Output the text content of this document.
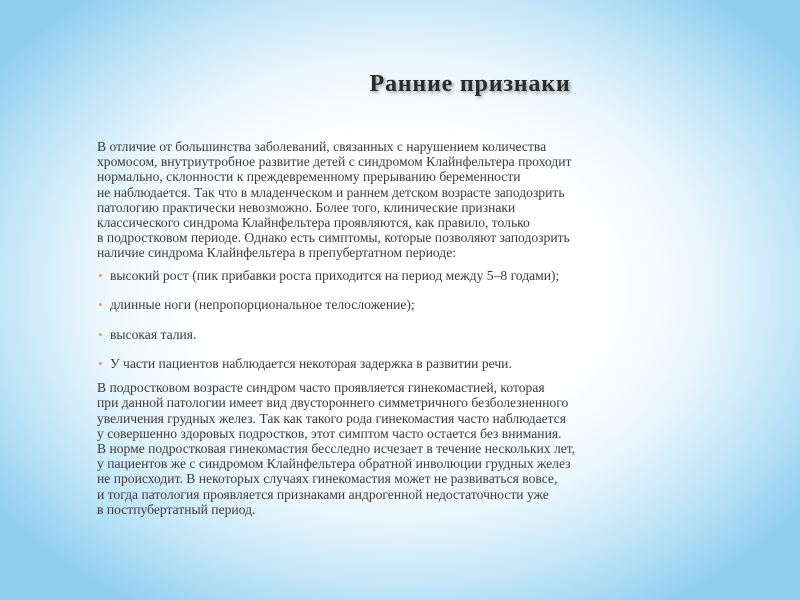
Ранние признаки
В отличие от большинства заболеваний, связанных с нарушением количества
хромосом, внутриутробное развитие детей с синдромом Клайнфельтера проходит
нормально, склонности к преждевременному прерыванию беременности
не наблюдается. Так что в младенческом и раннем детском возрасте заподозрить
патологию практически невозможно. Более того, клинические признаки
классического синдрома Клайнфельтера проявляются, как правило, только
в подростковом периоде. Однако есть симптомы, которые позволяют заподозрить
наличие синдрома Клайнфельтера в препубертатном периоде:
• высокий рост (пик прибавки роста приходится на период между 5–8 годами);
• длинные ноги (непропорциональное телосложение);
• высокая талия.
• У части пациентов наблюдается некоторая задержка в развитии речи.
В подростковом возрасте синдром часто проявляется гинекомастией, которая
при данной патологии имеет вид двустороннего симметричного безболезненного
увеличения грудных желез. Так как такого рода гинекомастия часто наблюдается
у совершенно здоровых подростков, этот симптом часто остается без внимания.
В норме подростковая гинекомастия бесследно исчезает в течение нескольких лет,
у пациентов же с синдромом Клайнфельтера обратной инволюции грудных желез
не происходит. В некоторых случаях гинекомастия может не развиваться вовсе,
и тогда патология проявляется признаками андрогенной недостаточности уже
в постпубертатный период.
